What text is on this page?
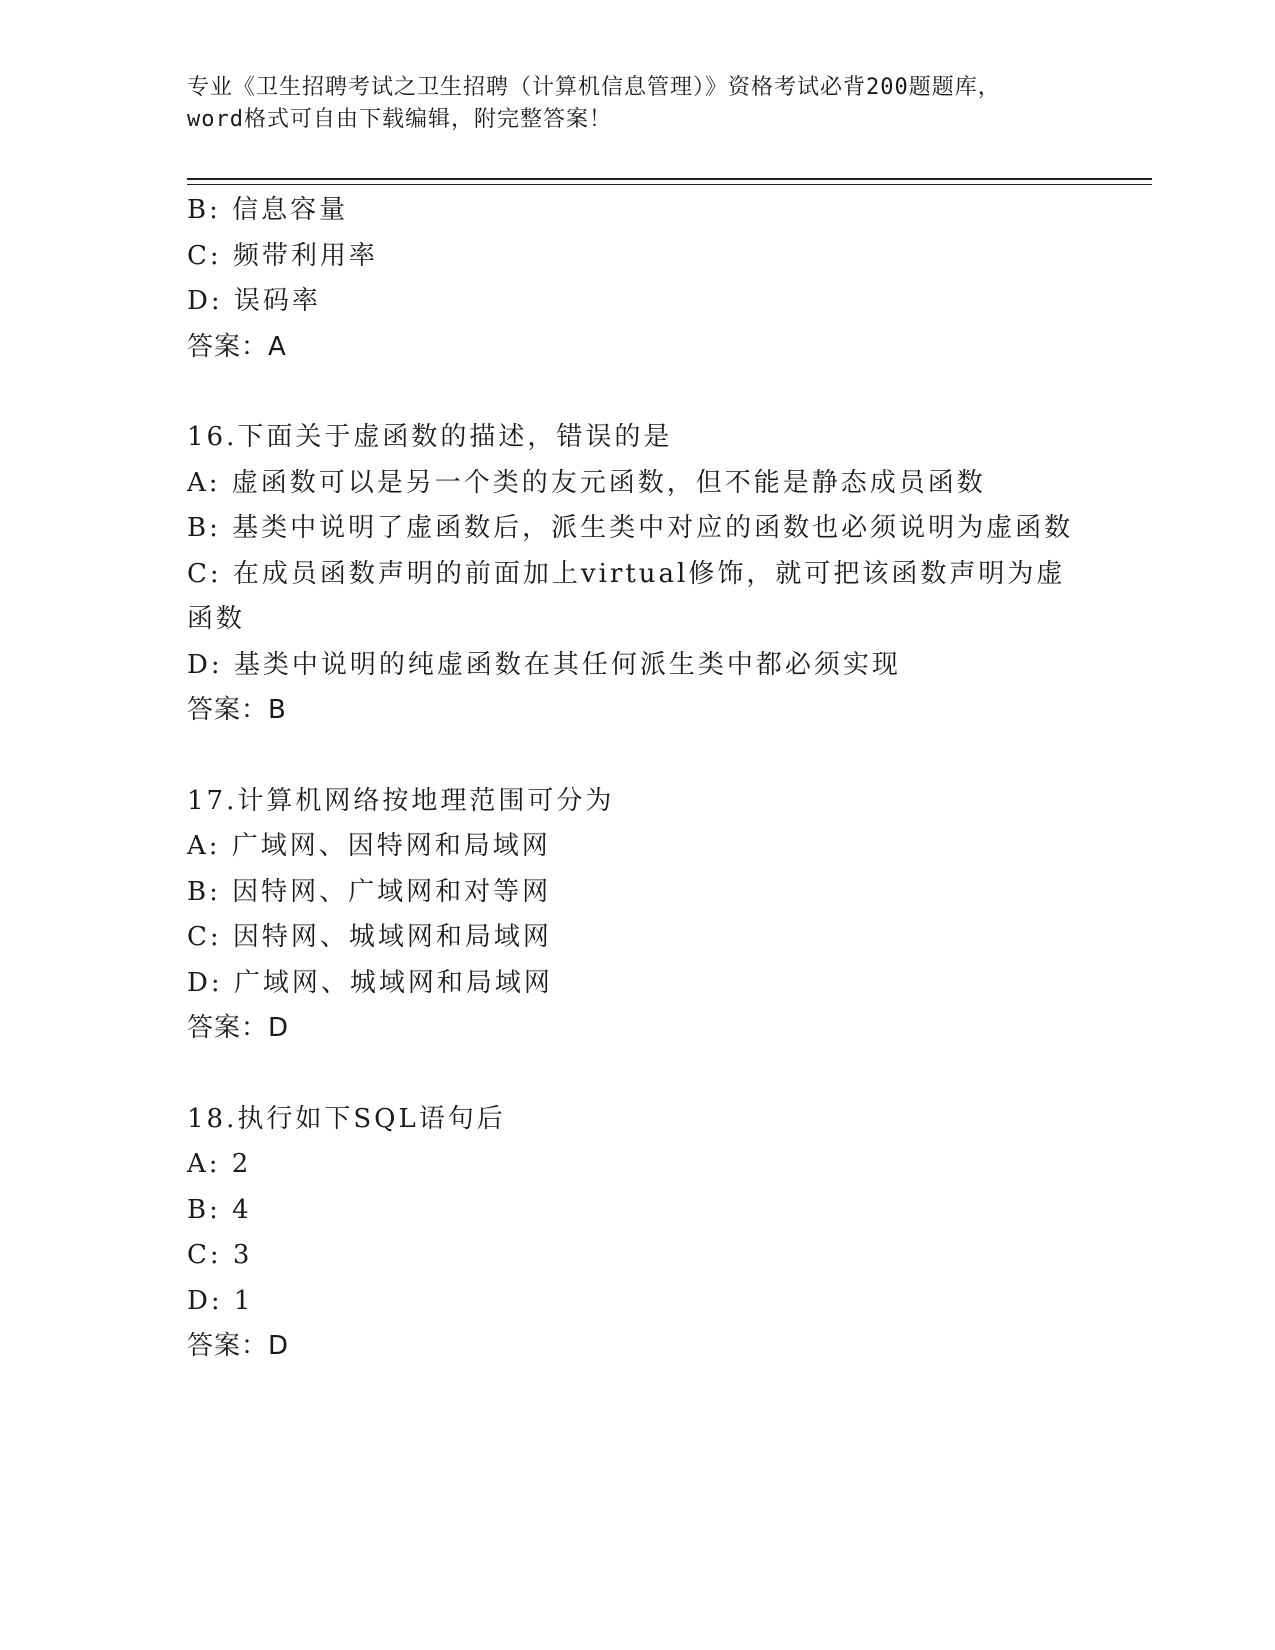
专业《卫生招聘考试之卫生招聘（计算机信息管理）》资格考试必背200题题库，
word格式可自由下载编辑，附完整答案！
B: 信息容量
C: 频带利用率
D: 误码率
答案：A
16.下面关于虚函数的描述，错误的是
A: 虚函数可以是另一个类的友元函数，但不能是静态成员函数
B: 基类中说明了虚函数后，派生类中对应的函数也必须说明为虚函数
C: 在成员函数声明的前面加上virtual修饰，就可把该函数声明为虚函数
D: 基类中说明的纯虚函数在其任何派生类中都必须实现
答案：B
17.计算机网络按地理范围可分为
A: 广域网、因特网和局域网
B: 因特网、广域网和对等网
C: 因特网、城域网和局域网
D: 广域网、城域网和局域网
答案：D
18.执行如下SQL语句后
A: 2
B: 4
C: 3
D: 1
答案：D
